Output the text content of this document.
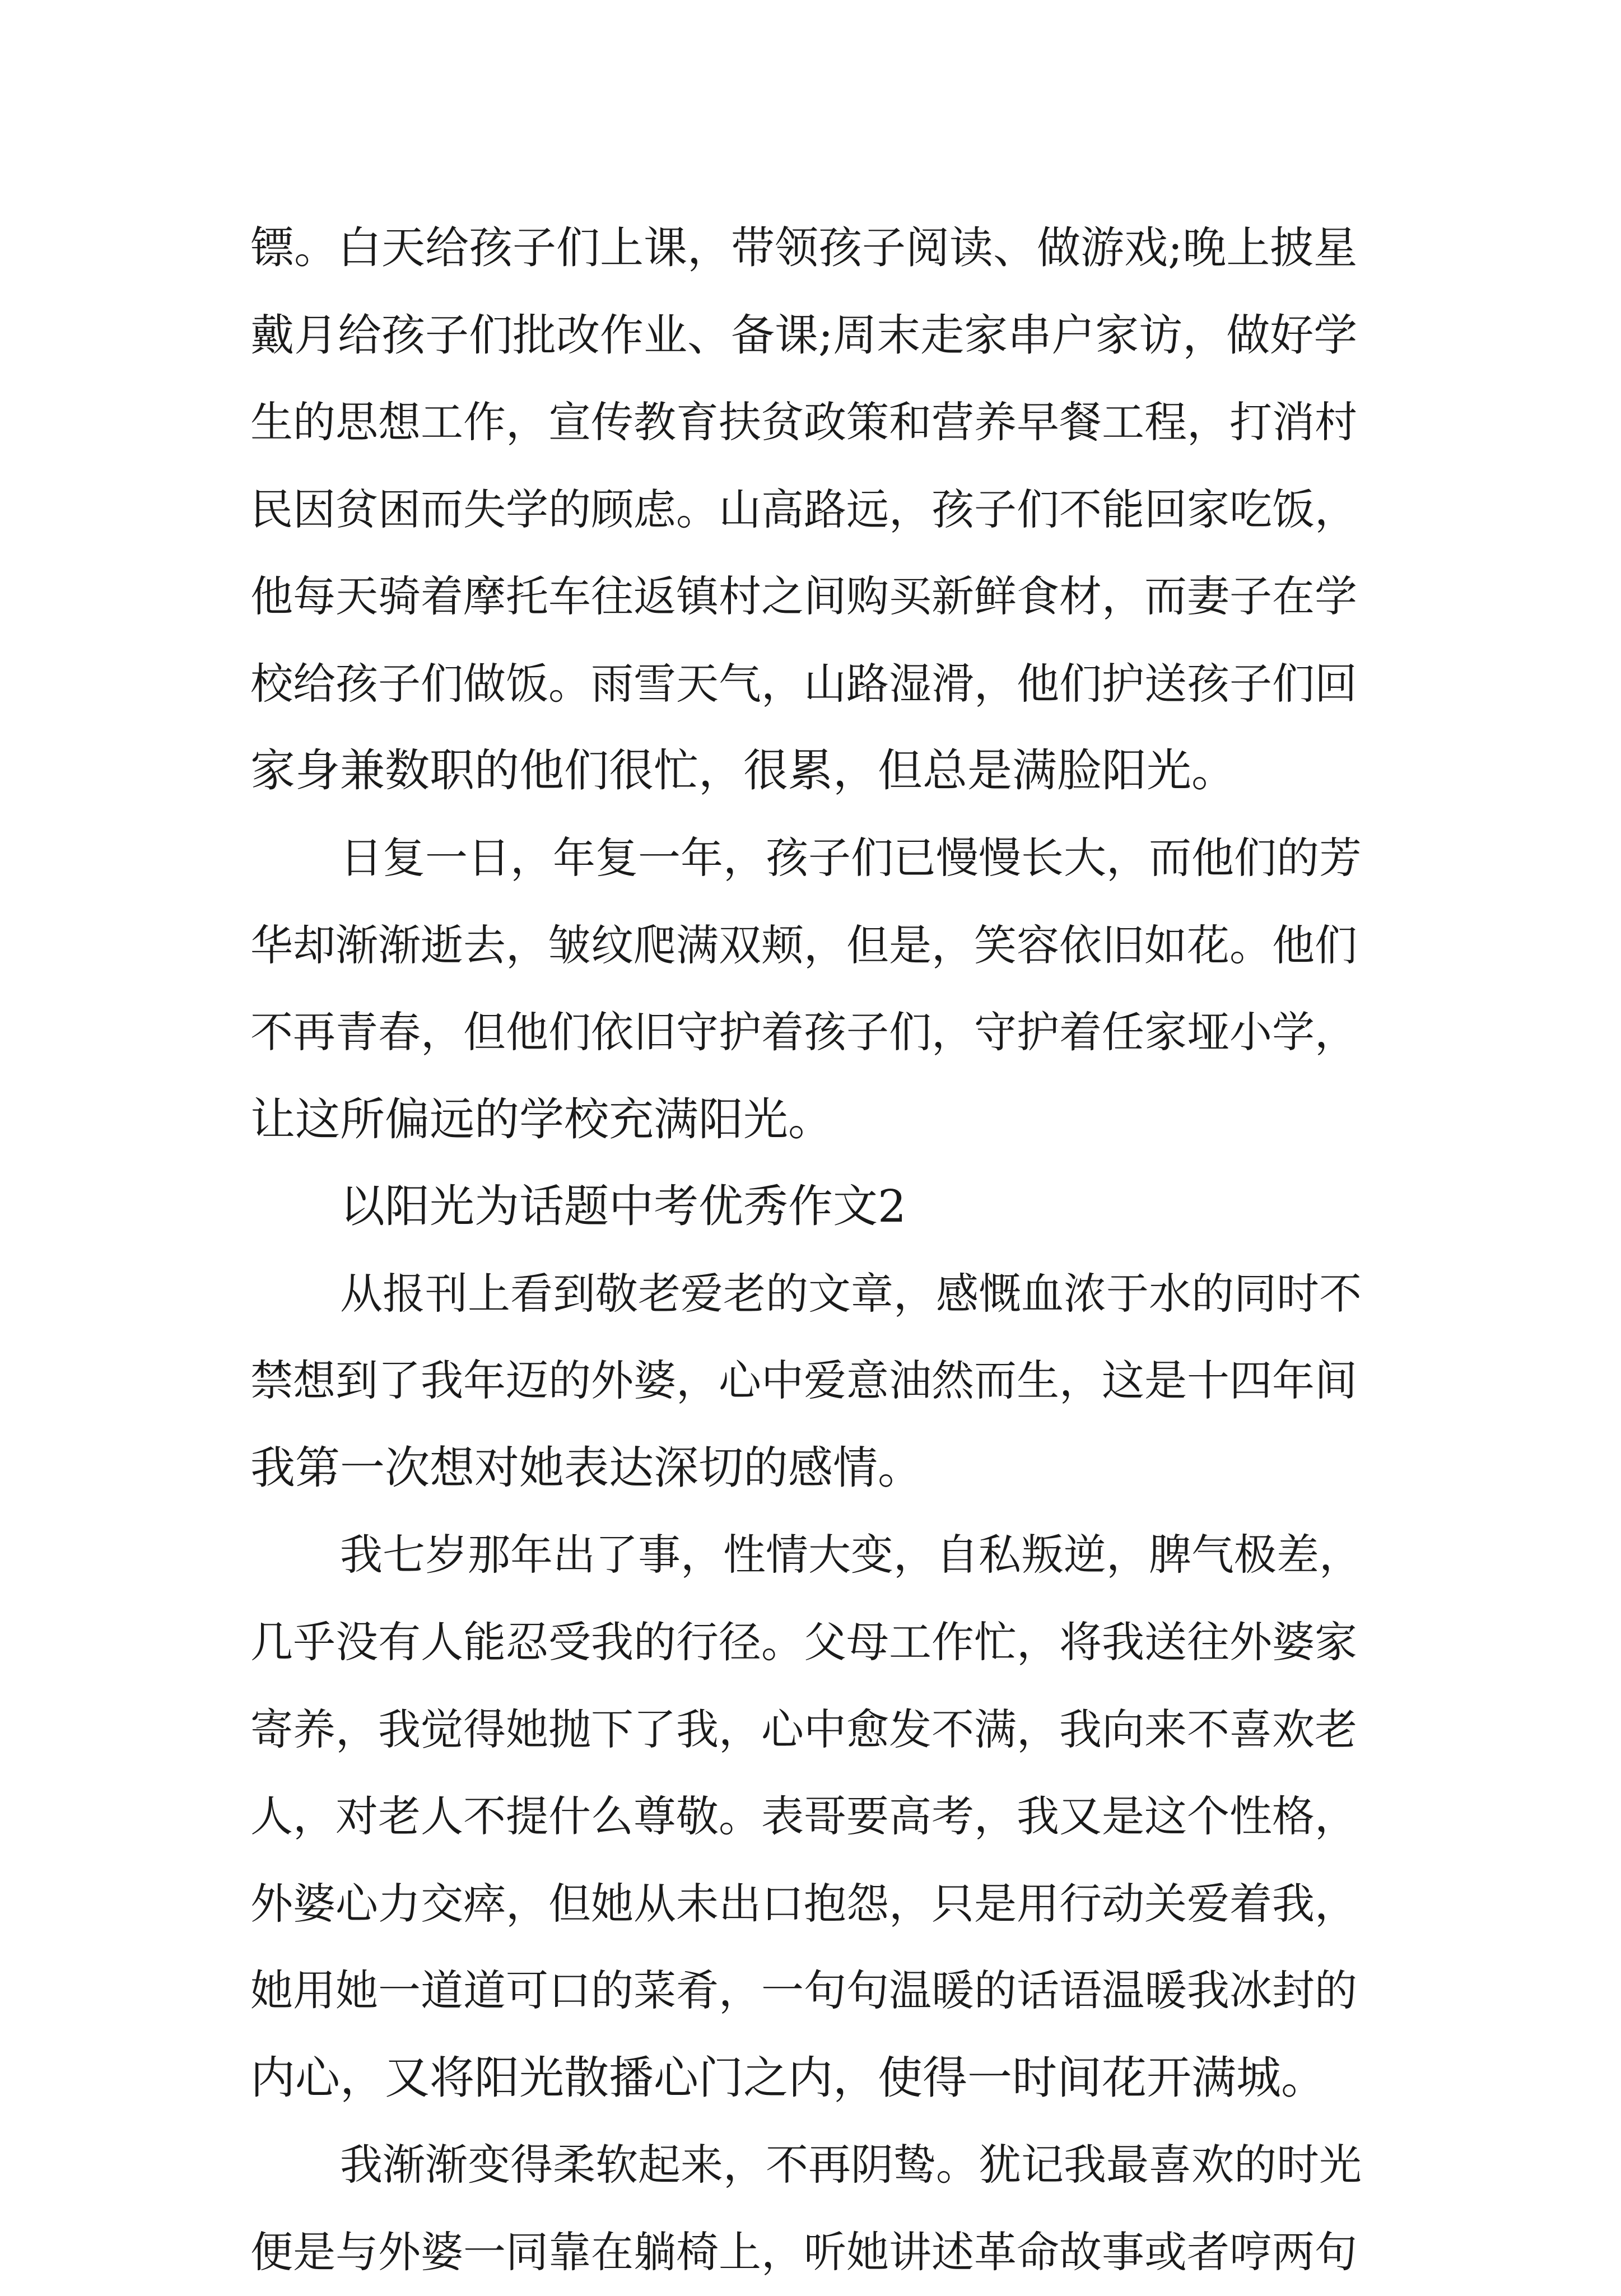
镖。白天给孩子们上课，带领孩子阅读、做游戏;晚上披星
戴月给孩子们批改作业、备课;周末走家串户家访，做好学
生的思想工作，宣传教育扶贫政策和营养早餐工程，打消村
民因贫困而失学的顾虑。山高路远，孩子们不能回家吃饭，
他每天骑着摩托车往返镇村之间购买新鲜食材，而妻子在学
校给孩子们做饭。雨雪天气，山路湿滑，他们护送孩子们回
家身兼数职的他们很忙，很累，但总是满脸阳光。
日复一日，年复一年，孩子们已慢慢长大，而他们的芳
华却渐渐逝去，皱纹爬满双颊，但是，笑容依旧如花。他们
不再青春，但他们依旧守护着孩子们，守护着任家垭小学，
让这所偏远的学校充满阳光。
以阳光为话题中考优秀作文2
从报刊上看到敬老爱老的文章，感慨血浓于水的同时不
禁想到了我年迈的外婆，心中爱意油然而生，这是十四年间
我第一次想对她表达深切的感情。
我七岁那年出了事，性情大变，自私叛逆，脾气极差，
几乎没有人能忍受我的行径。父母工作忙，将我送往外婆家
寄养，我觉得她抛下了我，心中愈发不满，我向来不喜欢老
人，对老人不提什么尊敬。表哥要高考，我又是这个性格，
外婆心力交瘁，但她从未出口抱怨，只是用行动关爱着我，
她用她一道道可口的菜肴，一句句温暖的话语温暖我冰封的
内心，又将阳光散播心门之内，使得一时间花开满城。
我渐渐变得柔软起来，不再阴鸷。犹记我最喜欢的时光
便是与外婆一同靠在躺椅上，听她讲述革命故事或者哼两句
